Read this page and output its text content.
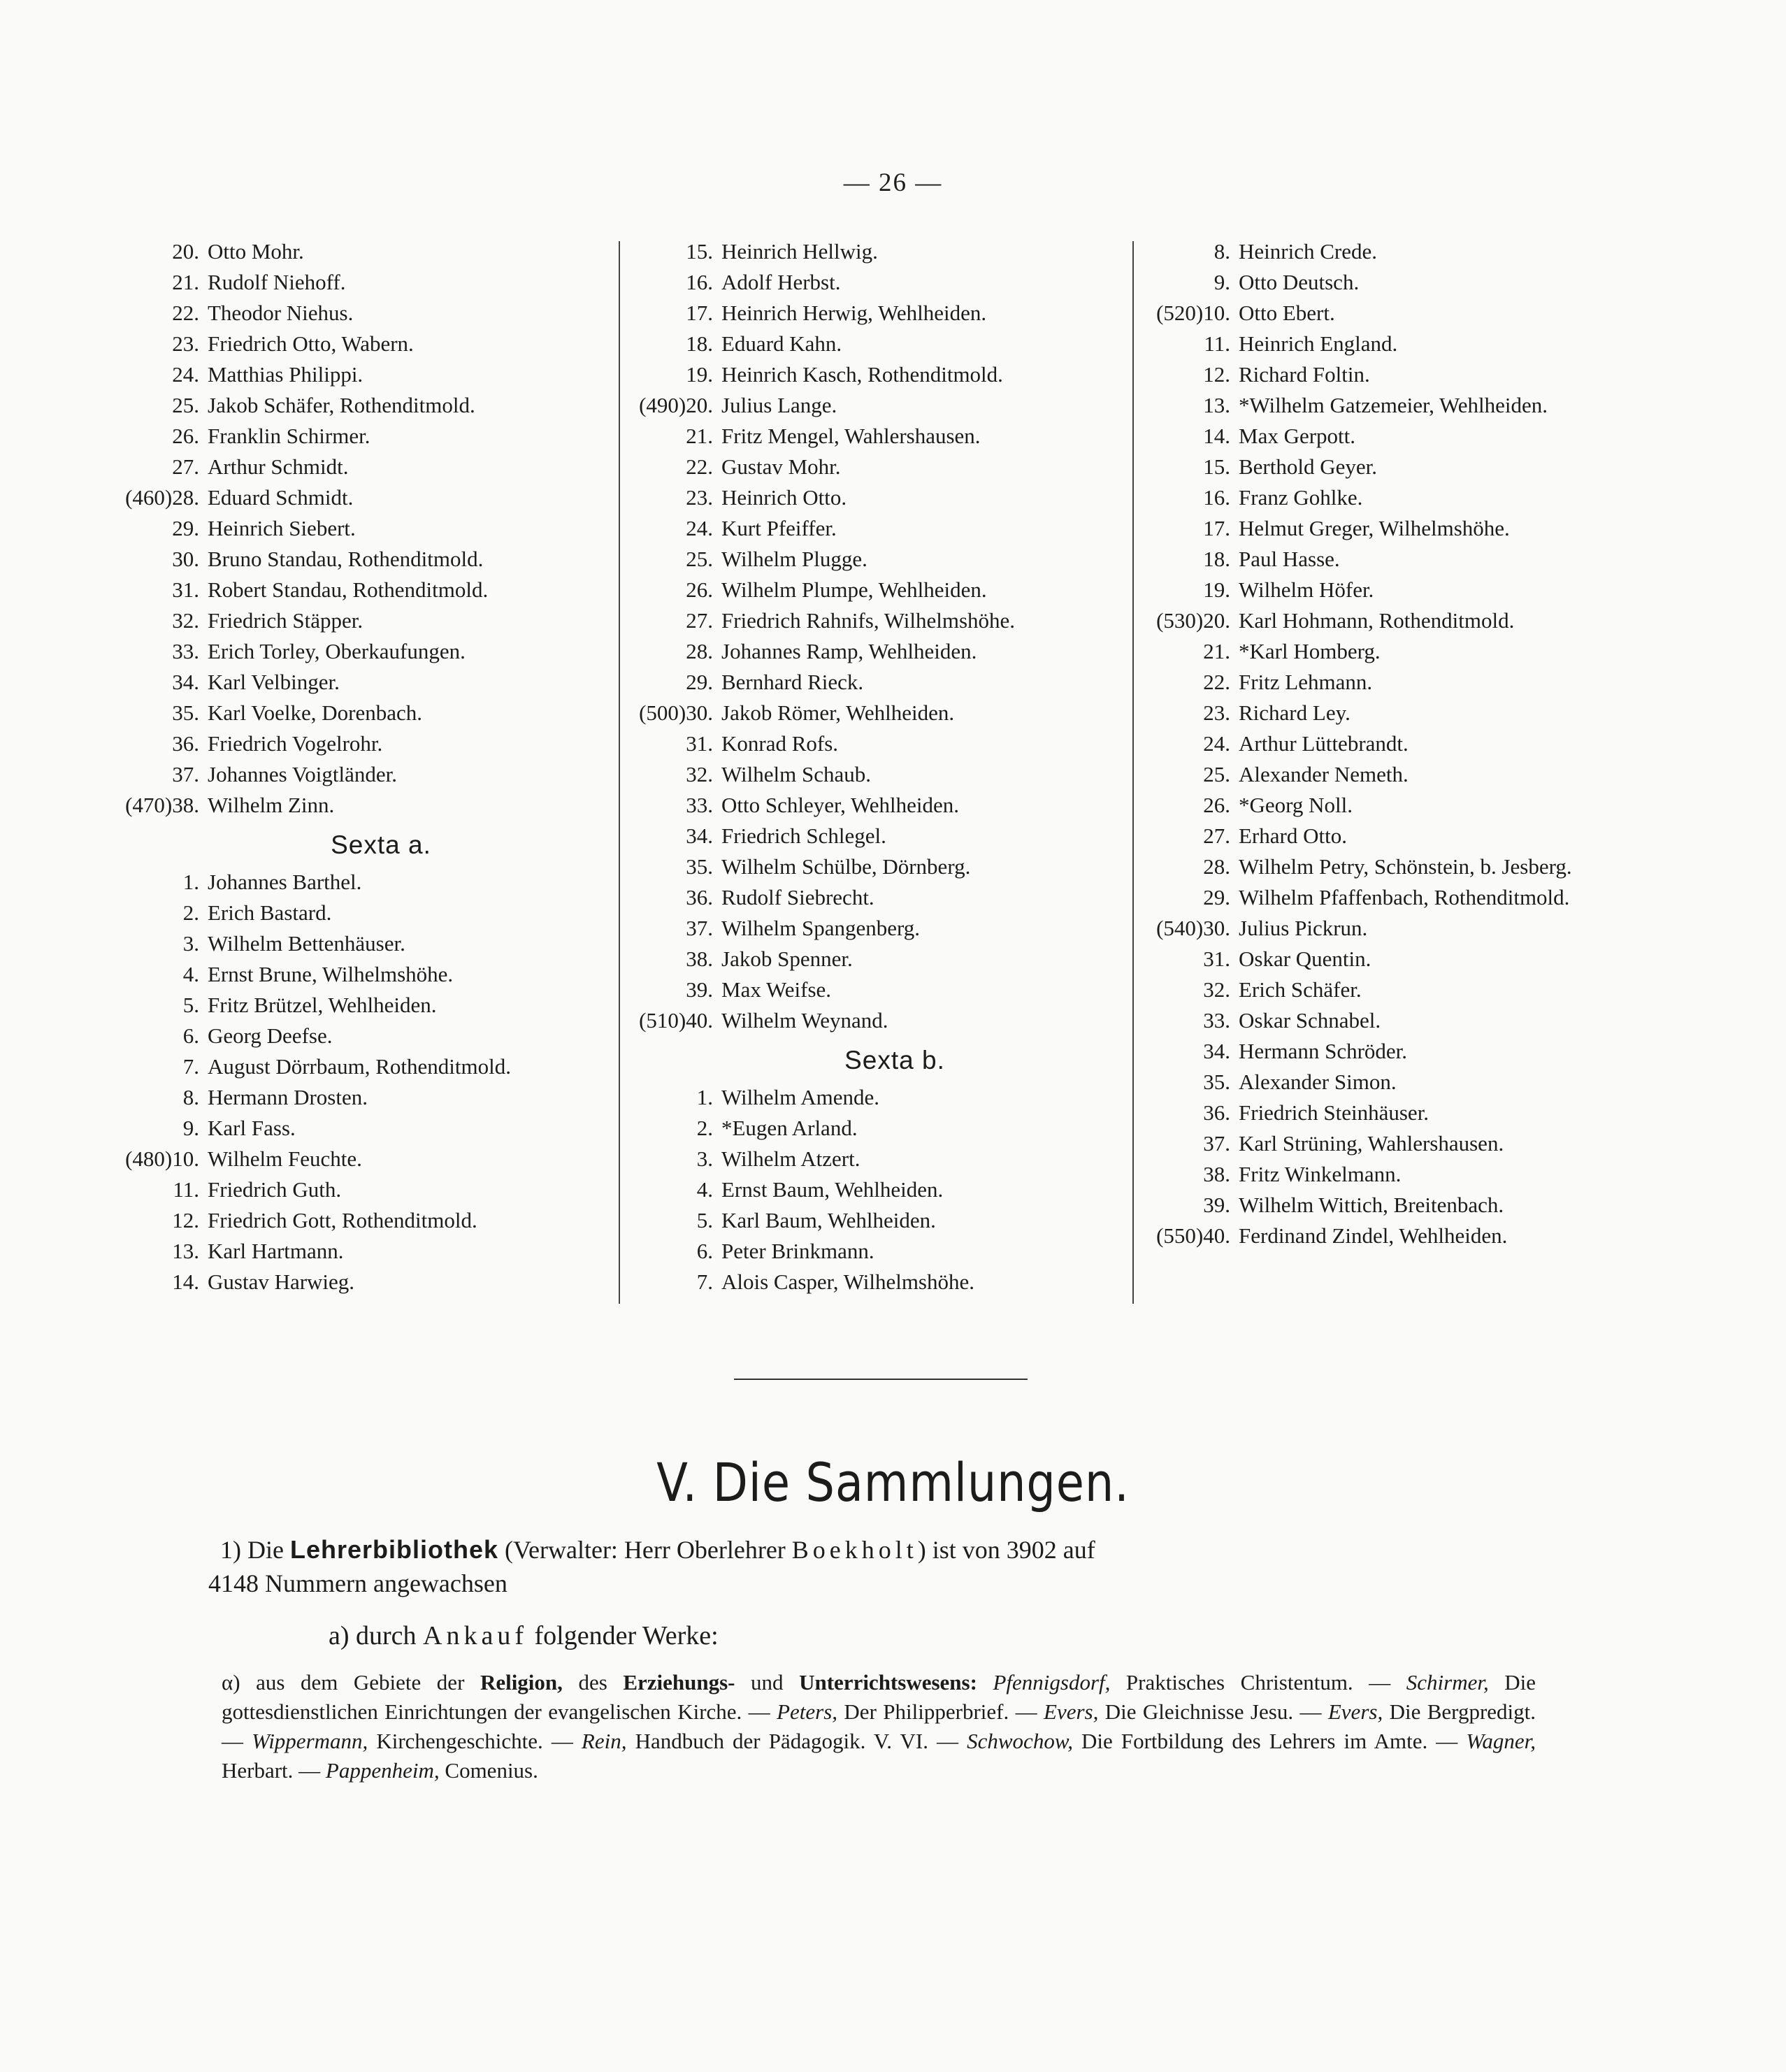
— 26 —
20. Otto Mohr.
21. Rudolf Niehoff.
22. Theodor Niehus.
23. Friedrich Otto, Wabern.
24. Matthias Philippi.
25. Jakob Schäfer, Rothenditmold.
26. Franklin Schirmer.
27. Arthur Schmidt.
(460)28. Eduard Schmidt.
29. Heinrich Siebert.
30. Bruno Standau, Rothenditmold.
31. Robert Standau, Rothenditmold.
32. Friedrich Stäpper.
33. Erich Torley, Oberkaufungen.
34. Karl Velbinger.
35. Karl Voelke, Dorenbach.
36. Friedrich Vogelrohr.
37. Johannes Voigtländer.
(470)38. Wilhelm Zinn.
Sexta a.
1. Johannes Barthel.
2. Erich Bastard.
3. Wilhelm Bettenhäuser.
4. Ernst Brune, Wilhelmshöhe.
5. Fritz Brützel, Wehlheiden.
6. Georg Deefse.
7. August Dörrbaum, Rothenditmold.
8. Hermann Drosten.
9. Karl Fass.
(480)10. Wilhelm Feuchte.
11. Friedrich Guth.
12. Friedrich Gott, Rothenditmold.
13. Karl Hartmann.
14. Gustav Harwieg.
15. Heinrich Hellwig.
16. Adolf Herbst.
17. Heinrich Herwig, Wehlheiden.
18. Eduard Kahn.
19. Heinrich Kasch, Rothenditmold.
(490)20. Julius Lange.
21. Fritz Mengel, Wahlershausen.
22. Gustav Mohr.
23. Heinrich Otto.
24. Kurt Pfeiffer.
25. Wilhelm Plugge.
26. Wilhelm Plumpe, Wehlheiden.
27. Friedrich Rahnifs, Wilhelmshöhe.
28. Johannes Ramp, Wehlheiden.
29. Bernhard Rieck.
(500)30. Jakob Römer, Wehlheiden.
31. Konrad Rofs.
32. Wilhelm Schaub.
33. Otto Schleyer, Wehlheiden.
34. Friedrich Schlegel.
35. Wilhelm Schülbe, Dörnberg.
36. Rudolf Siebrecht.
37. Wilhelm Spangenberg.
38. Jakob Spenner.
39. Max Weifse.
(510)40. Wilhelm Weynand.
Sexta b.
1. Wilhelm Amende.
2. *Eugen Arland.
3. Wilhelm Atzert.
4. Ernst Baum, Wehlheiden.
5. Karl Baum, Wehlheiden.
6. Peter Brinkmann.
7. Alois Casper, Wilhelmshöhe.
8. Heinrich Crede.
9. Otto Deutsch.
(520)10. Otto Ebert.
11. Heinrich England.
12. Richard Foltin.
13. *Wilhelm Gatzemeier, Wehlheiden.
14. Max Gerpott.
15. Berthold Geyer.
16. Franz Gohlke.
17. Helmut Greger, Wilhelmshöhe.
18. Paul Hasse.
19. Wilhelm Höfer.
(530)20. Karl Hohmann, Rothenditmold.
21. *Karl Homberg.
22. Fritz Lehmann.
23. Richard Ley.
24. Arthur Lüttebrandt.
25. Alexander Nemeth.
26. *Georg Noll.
27. Erhard Otto.
28. Wilhelm Petry, Schönstein, b. Jesberg.
29. Wilhelm Pfaffenbach, Rothenditmold.
(540)30. Julius Pickrun.
31. Oskar Quentin.
32. Erich Schäfer.
33. Oskar Schnabel.
34. Hermann Schröder.
35. Alexander Simon.
36. Friedrich Steinhäuser.
37. Karl Strüning, Wahlershausen.
38. Fritz Winkelmann.
39. Wilhelm Wittich, Breitenbach.
(550)40. Ferdinand Zindel, Wehlheiden.
V. Die Sammlungen.
1) Die Lehrerbibliothek (Verwalter: Herr Oberlehrer Boekholt) ist von 3902 auf
4148 Nummern angewachsen
a) durch Ankauf folgender Werke:
α) aus dem Gebiete der Religion, des Erziehungs- und Unterrichtswesens: Pfennigsdorf, Praktisches Christentum. — Schirmer, Die gottesdienstlichen Einrichtungen der evangelischen Kirche. — Peters, Der Philipperbrief. — Evers, Die Gleichnisse Jesu. — Evers, Die Bergpredigt. — Wippermann, Kirchengeschichte. — Rein, Handbuch der Pädagogik. V. VI. — Schwochow, Die Fortbildung des Lehrers im Amte. — Wagner, Herbart. — Pappenheim, Comenius.
